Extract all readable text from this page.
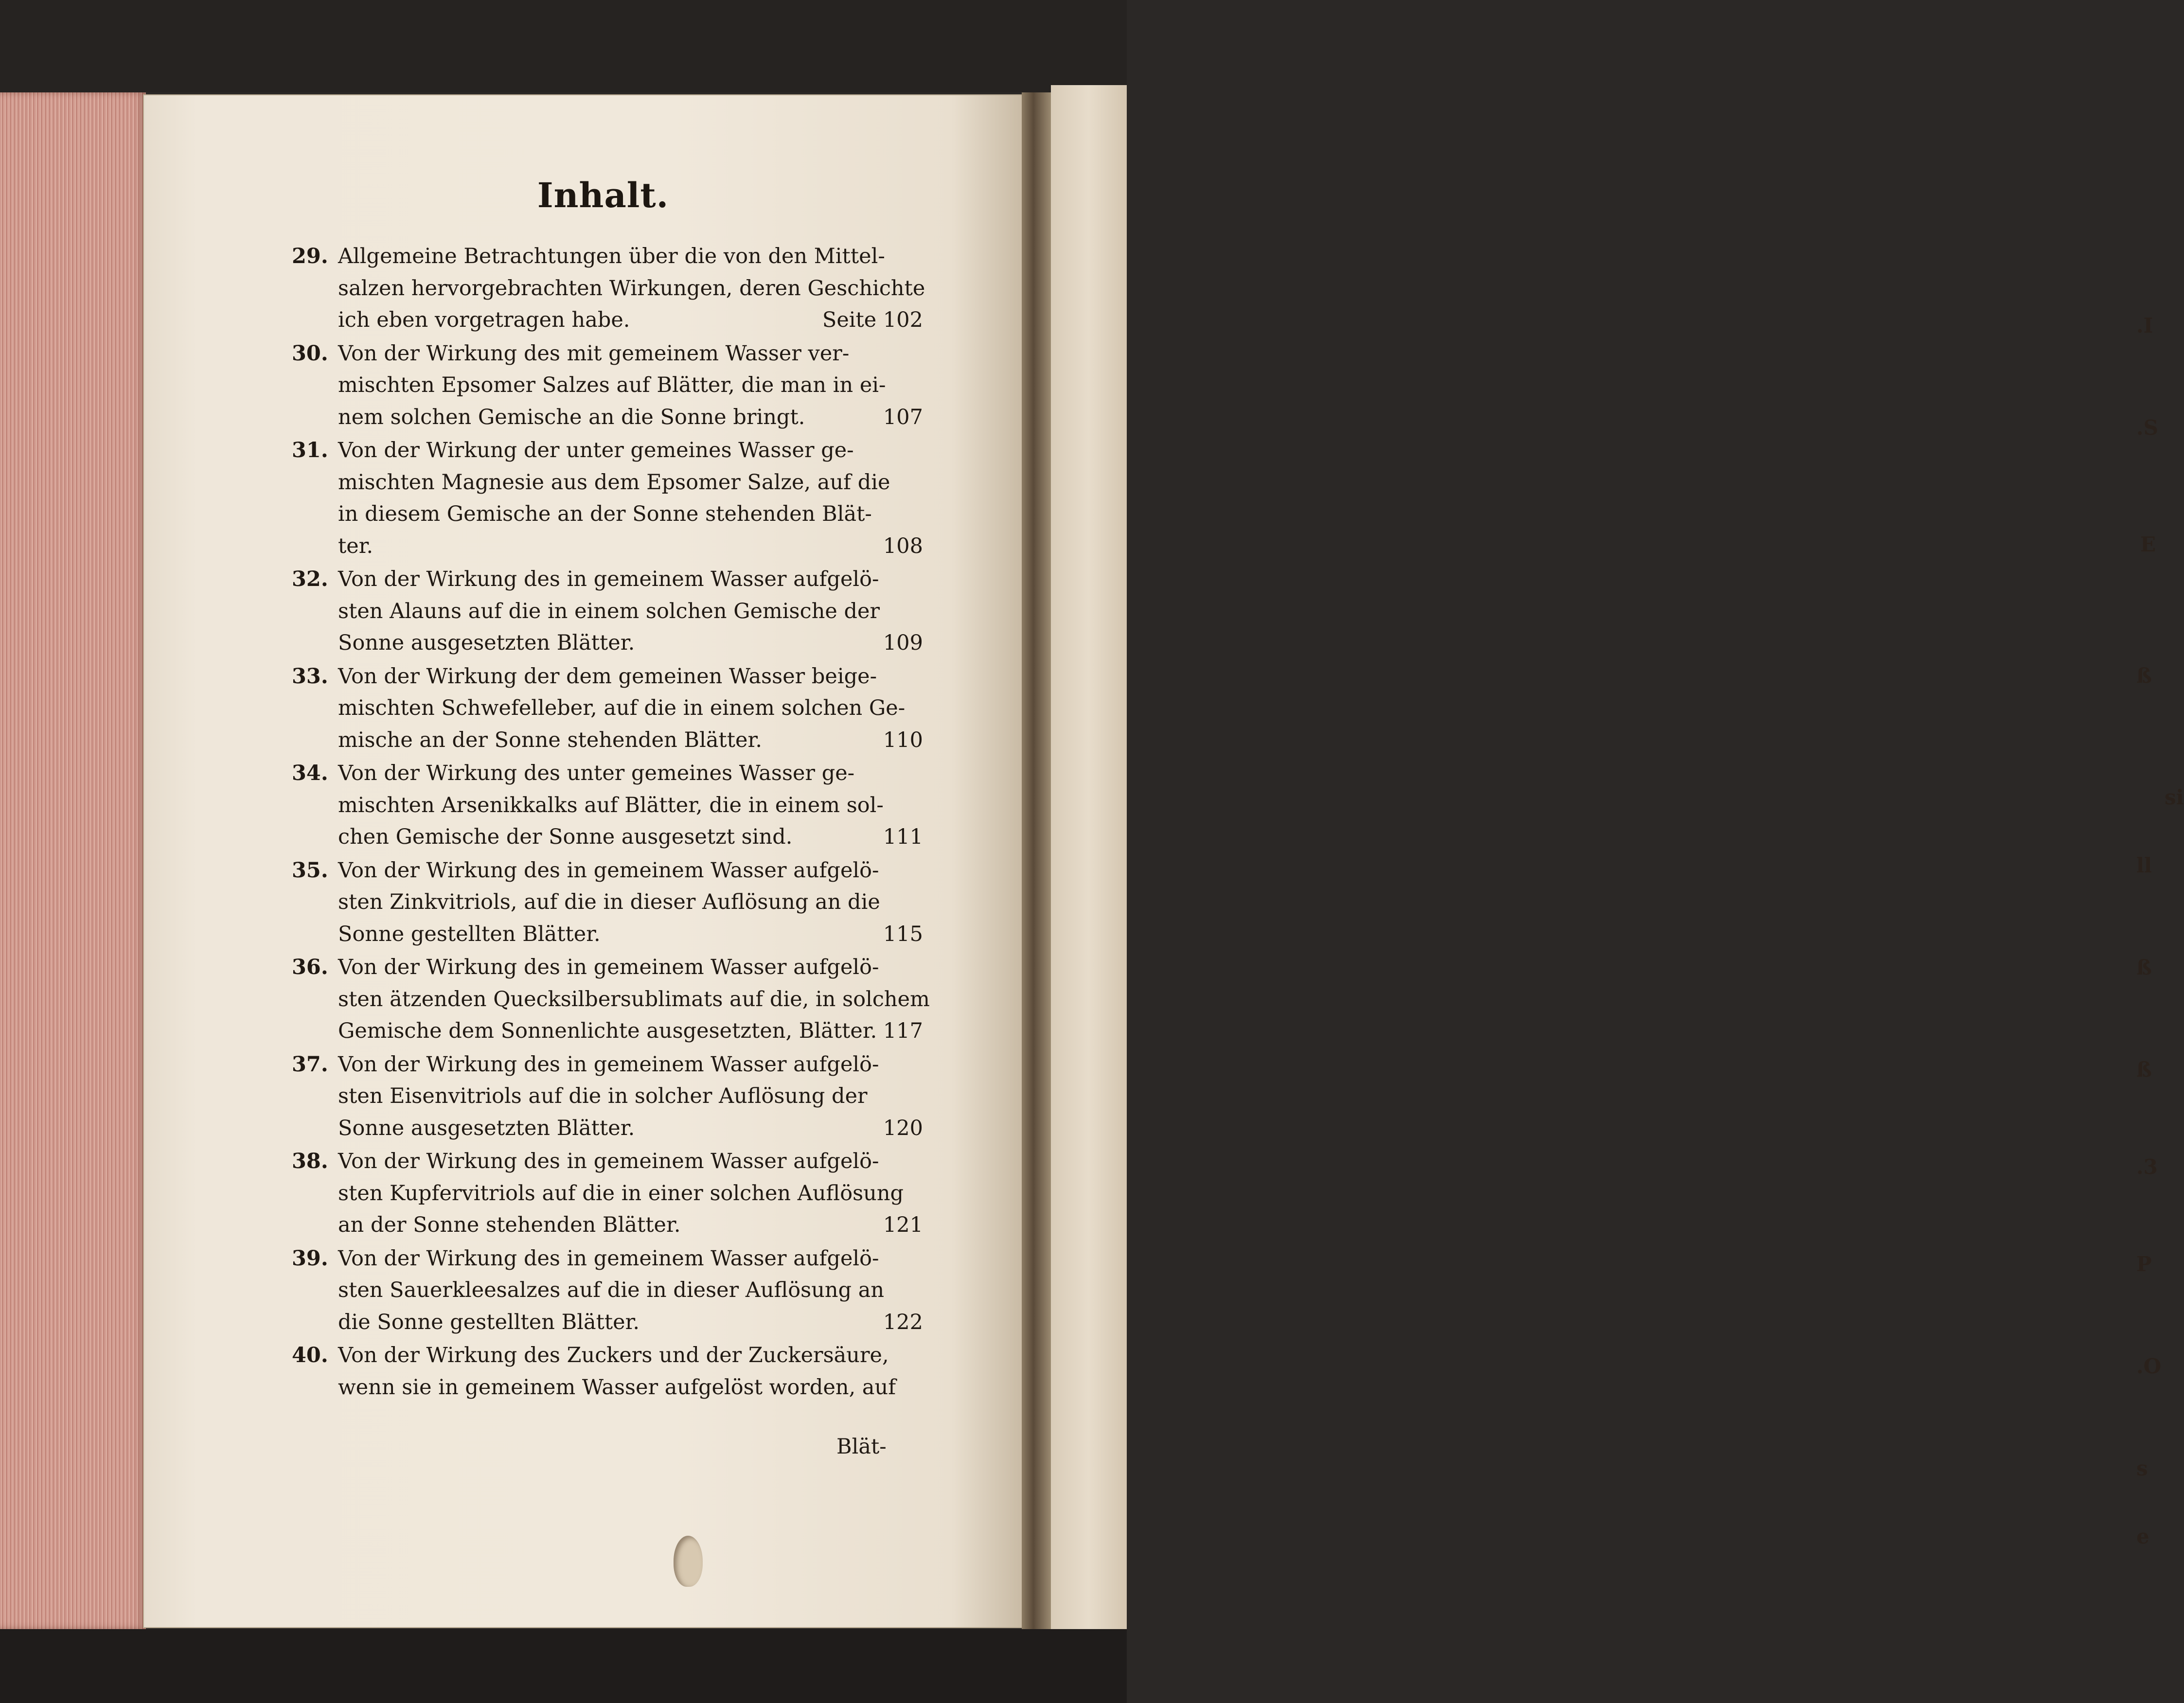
.I
.S
E
ß
si
ll
ß
ß
.3
P
.O
s
e
Inhalt.
29. Allgemeine Betrachtungen über die von den Mittel-
salzen hervorgebrachten Wirkungen, deren Geschichte
ich eben vorgetragen habe.	Seite 102
30. Von der Wirkung des mit gemeinem Wasser ver-
mischten Epsomer Salzes auf Blätter, die man in ei-
nem solchen Gemische an die Sonne bringt.	107
31. Von der Wirkung der unter gemeines Wasser ge-
mischten Magnesie aus dem Epsomer Salze, auf die
in diesem Gemische an der Sonne stehenden Blät-
ter.	108
32. Von der Wirkung des in gemeinem Wasser aufgelö-
sten Alauns auf die in einem solchen Gemische der
Sonne ausgesetzten Blätter.	109
33. Von der Wirkung der dem gemeinen Wasser beige-
mischten Schwefelleber, auf die in einem solchen Ge-
mische an der Sonne stehenden Blätter.	110
34. Von der Wirkung des unter gemeines Wasser ge-
mischten Arsenikkalks auf Blätter, die in einem sol-
chen Gemische der Sonne ausgesetzt sind.	111
35. Von der Wirkung des in gemeinem Wasser aufgelö-
sten Zinkvitriols, auf die in dieser Auflösung an die
Sonne gestellten Blätter.	115
36. Von der Wirkung des in gemeinem Wasser aufgelö-
sten ätzenden Quecksilbersublimats auf die, in solchem
Gemische dem Sonnenlichte ausgesetzten, Blätter. 117
37. Von der Wirkung des in gemeinem Wasser aufgelö-
sten Eisenvitriols auf die in solcher Auflösung der
Sonne ausgesetzten Blätter.	120
38. Von der Wirkung des in gemeinem Wasser aufgelö-
sten Kupfervitriols auf die in einer solchen Auflösung
an der Sonne stehenden Blätter.	121
39. Von der Wirkung des in gemeinem Wasser aufgelö-
sten Sauerkleesalzes auf die in dieser Auflösung an
die Sonne gestellten Blätter.	122
40. Von der Wirkung des Zuckers und der Zuckersäure,
wenn sie in gemeinem Wasser aufgelöst worden, auf
Blät-
